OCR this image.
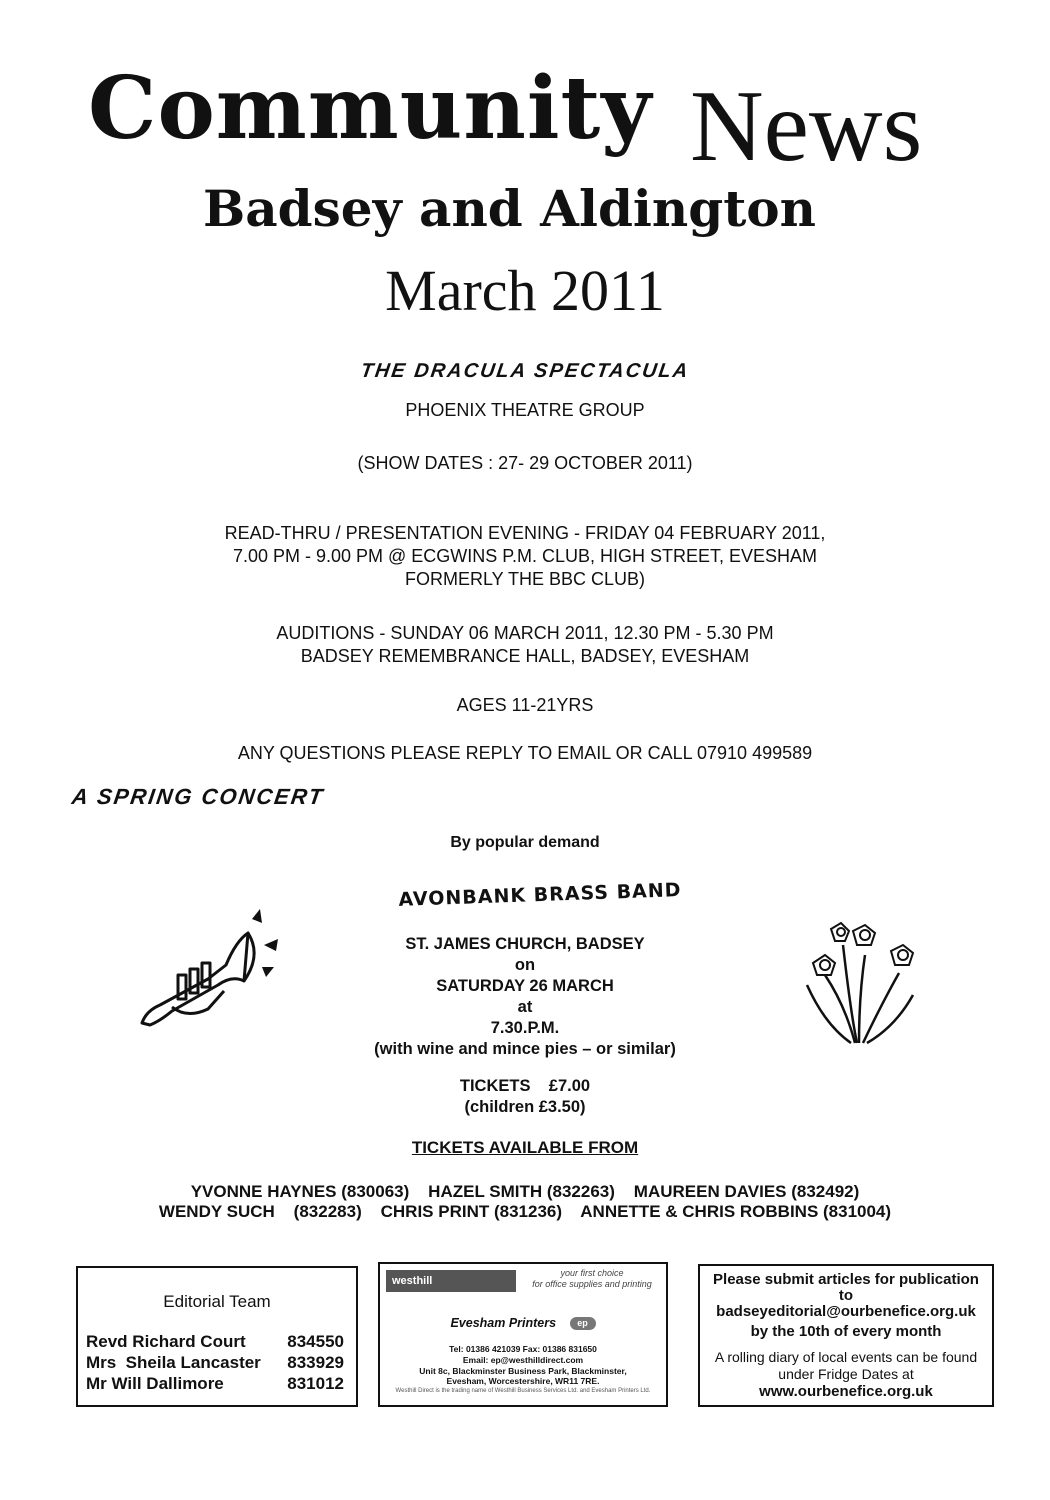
Community News
Badsey and Aldington
March 2011
THE DRACULA SPECTACULA
PHOENIX THEATRE GROUP
(SHOW DATES : 27- 29 OCTOBER 2011)
READ-THRU / PRESENTATION EVENING - FRIDAY 04 FEBRUARY 2011,
7.00 PM - 9.00 PM @ ECGWINS P.M. CLUB, HIGH STREET, EVESHAM
FORMERLY THE BBC CLUB)
AUDITIONS - SUNDAY 06 MARCH 2011, 12.30 PM - 5.30 PM
BADSEY REMEMBRANCE HALL, BADSEY, EVESHAM
AGES 11-21YRS
ANY QUESTIONS PLEASE REPLY TO EMAIL OR CALL 07910 499589
A SPRING CONCERT
By popular demand
AVONBANK BRASS BAND
ST. JAMES CHURCH, BADSEY
on
SATURDAY 26 MARCH
at
7.30.P.M.
(with wine and mince pies – or similar)
TICKETS    £7.00
(children £3.50)
TICKETS AVAILABLE FROM
YVONNE HAYNES (830063)    HAZEL SMITH (832263)    MAUREEN DAVIES (832492)
WENDY SUCH    (832283)    CHRIS PRINT (831236)    ANNETTE & CHRIS ROBBINS (831004)
Editorial Team
Revd Richard Court 834550
Mrs  Sheila Lancaster 833929
Mr Will Dallimore	831012
westhill
your first choice
for office supplies and printing
Evesham Printers ep
Tel: 01386 421039 Fax: 01386 831650
Email: ep@westhilldirect.com
Unit 8c, Blackminster Business Park, Blackminster,
Evesham, Worcestershire, WR11 7RE.
Westhill Direct is the trading name of Westhill Business Services Ltd. and Evesham Printers Ltd.
Please submit articles for publication
to
badseyeditorial@ourbenefice.org.uk
by the 10th of every month
A rolling diary of local events can be found
under Fridge Dates at
www.ourbenefice.org.uk
